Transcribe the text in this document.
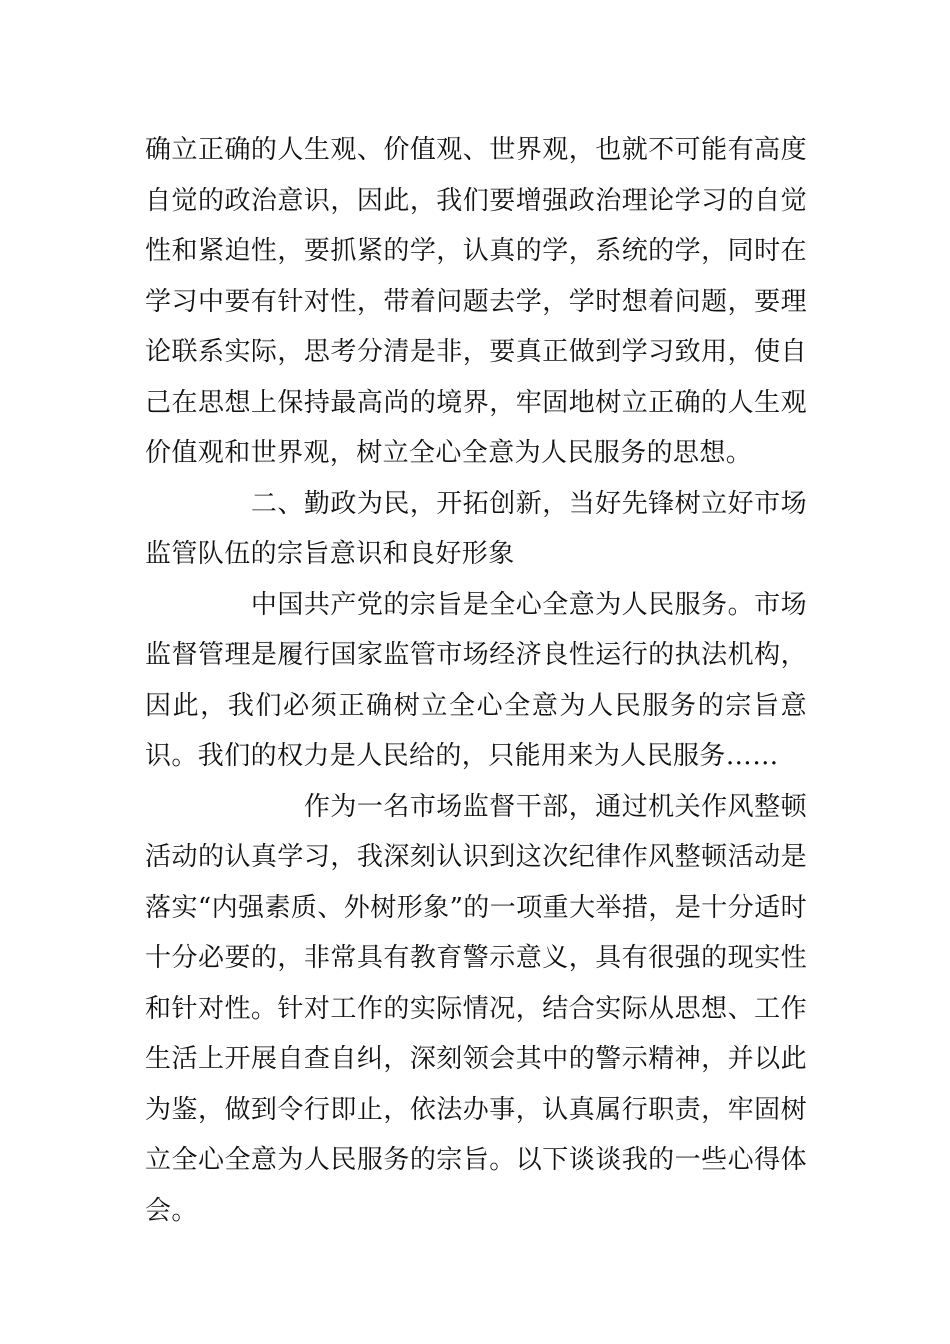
确立正确的人生观、价值观、世界观，也就不可能有高度自觉的政治意识，因此，我们要增强政治理论学习的自觉性和紧迫性，要抓紧的学，认真的学，系统的学，同时在学习中要有针对性，带着问题去学，学时想着问题，要理论联系实际，思考分清是非，要真正做到学习致用，使自己在思想上保持最高尚的境界，牢固地树立正确的人生观价值观和世界观，树立全心全意为人民服务的思想。

　　　　二、勤政为民，开拓创新，当好先锋树立好市场监管队伍的宗旨意识和良好形象

　　　　中国共产党的宗旨是全心全意为人民服务。市场监督管理是履行国家监管市场经济良性运行的执法机构，因此，我们必须正确树立全心全意为人民服务的宗旨意识。我们的权力是人民给的，只能用来为人民服务……

　　　　　　作为一名市场监督干部，通过机关作风整顿活动的认真学习，我深刻认识到这次纪律作风整顿活动是落实“内强素质、外树形象”的一项重大举措，是十分适时十分必要的，非常具有教育警示意义，具有很强的现实性和针对性。针对工作的实际情况，结合实际从思想、工作生活上开展自查自纠，深刻领会其中的警示精神，并以此为鉴，做到令行即止，依法办事，认真属行职责，牢固树立全心全意为人民服务的宗旨。以下谈谈我的一些心得体会。
